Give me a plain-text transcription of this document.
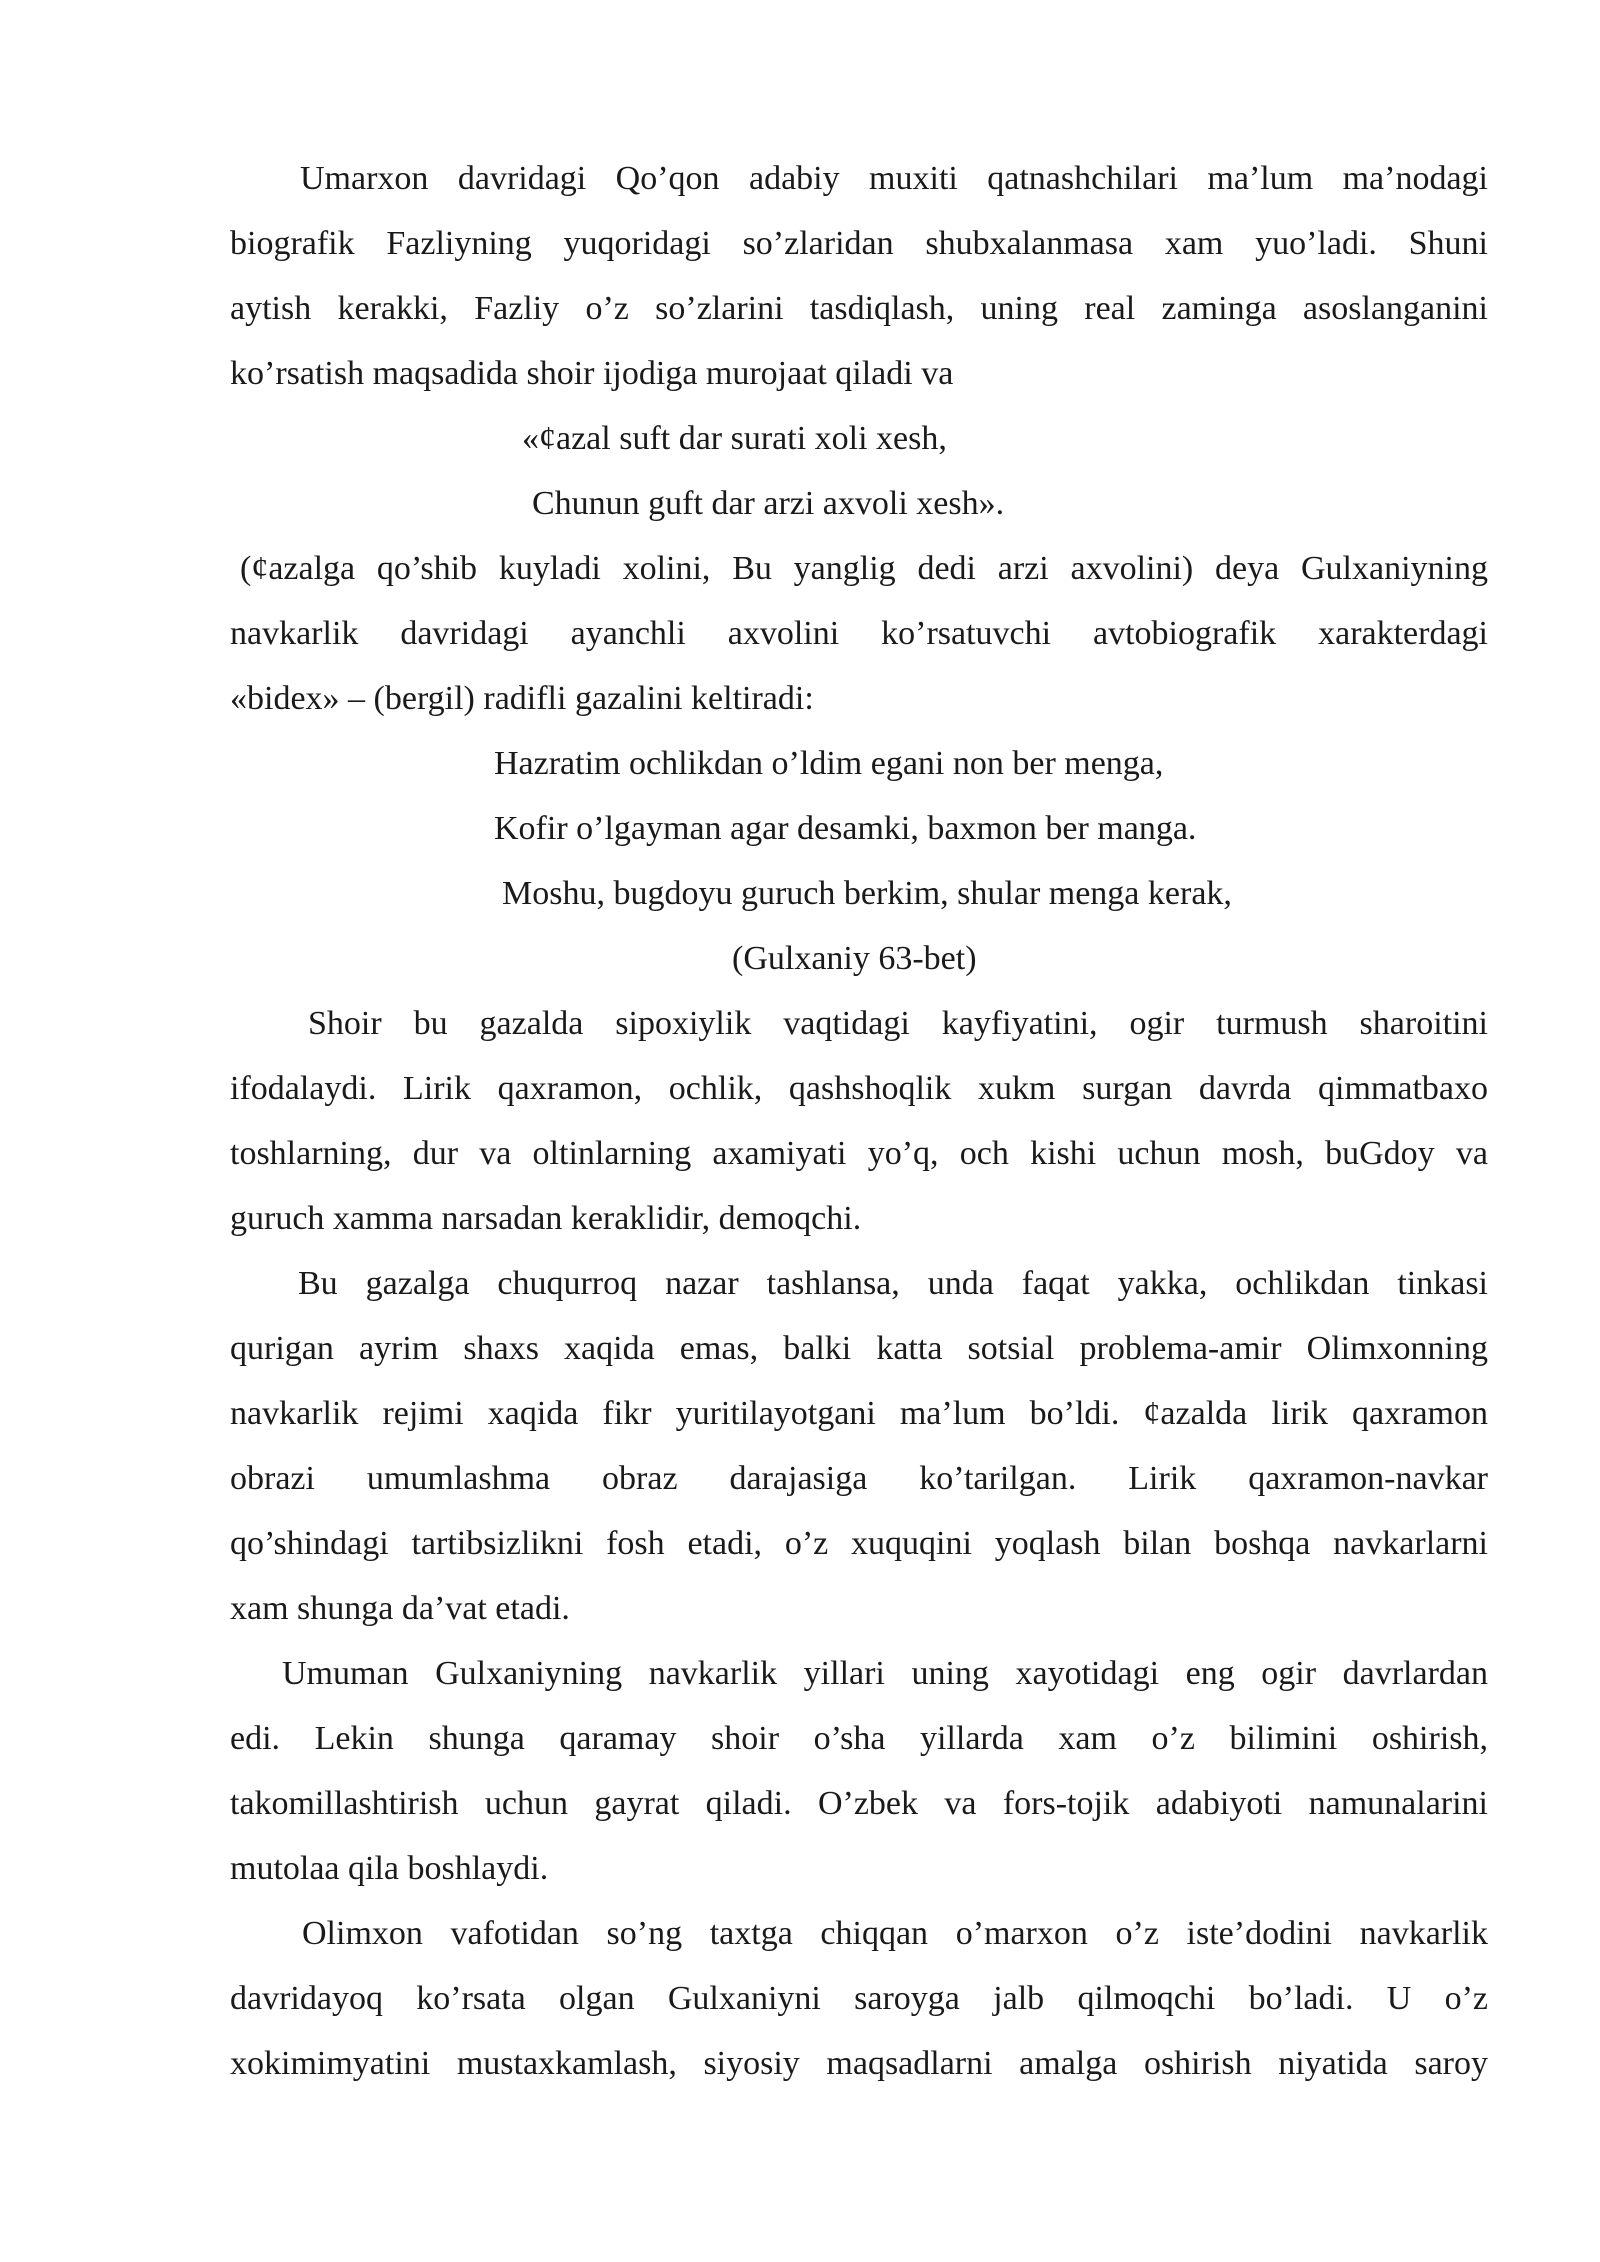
Umarxon davridagi Qo’qon adabiy muxiti qatnashchilari ma’lum ma’nodagi
biografik Fazliyning yuqoridagi so’zlaridan shubxalanmasa xam yuo’ladi. Shuni
aytish kerakki, Fazliy o’z so’zlarini tasdiqlash, uning real zaminga asoslanganini
ko’rsatish maqsadida shoir ijodiga murojaat qiladi va
«¢azal suft dar surati xoli xesh,
Chunun guft dar arzi axvoli xesh».
(¢azalga qo’shib kuyladi xolini, Bu yanglig dedi arzi axvolini) deya Gulxaniyning
navkarlik davridagi ayanchli axvolini ko’rsatuvchi avtobiografik xarakterdagi
«bidex» – (bergil) radifli gazalini keltiradi:
Hazratim ochlikdan o’ldim egani non ber menga,
Kofir o’lgayman agar desamki, baxmon ber manga.
Moshu, bugdoyu guruch berkim, shular menga kerak,
(Gulxaniy 63-bet)
Shoir bu gazalda sipoxiylik vaqtidagi kayfiyatini, ogir turmush sharoitini
ifodalaydi. Lirik qaxramon, ochlik, qashshoqlik xukm surgan davrda qimmatbaxo
toshlarning, dur va oltinlarning axamiyati yo’q, och kishi uchun mosh, buGdoy va
guruch xamma narsadan keraklidir, demoqchi.
Bu gazalga chuqurroq nazar tashlansa, unda faqat yakka, ochlikdan tinkasi
qurigan ayrim shaxs xaqida emas, balki katta sotsial problema-amir Olimxonning
navkarlik rejimi xaqida fikr yuritilayotgani ma’lum bo’ldi. ¢azalda lirik qaxramon
obrazi umumlashma obraz darajasiga ko’tarilgan. Lirik qaxramon-navkar
qo’shindagi tartibsizlikni fosh etadi, o’z xuquqini yoqlash bilan boshqa navkarlarni
xam shunga da’vat etadi.
Umuman Gulxaniyning navkarlik yillari uning xayotidagi eng ogir davrlardan
edi. Lekin shunga qaramay shoir o’sha yillarda xam o’z bilimini oshirish,
takomillashtirish uchun gayrat qiladi. O’zbek va fors-tojik adabiyoti namunalarini
mutolaa qila boshlaydi.
Olimxon vafotidan so’ng taxtga chiqqan o’marxon o’z iste’dodini navkarlik
davridayoq ko’rsata olgan Gulxaniyni saroyga jalb qilmoqchi bo’ladi. U o’z
xokimimyatini mustaxkamlash, siyosiy maqsadlarni amalga oshirish niyatida saroy
